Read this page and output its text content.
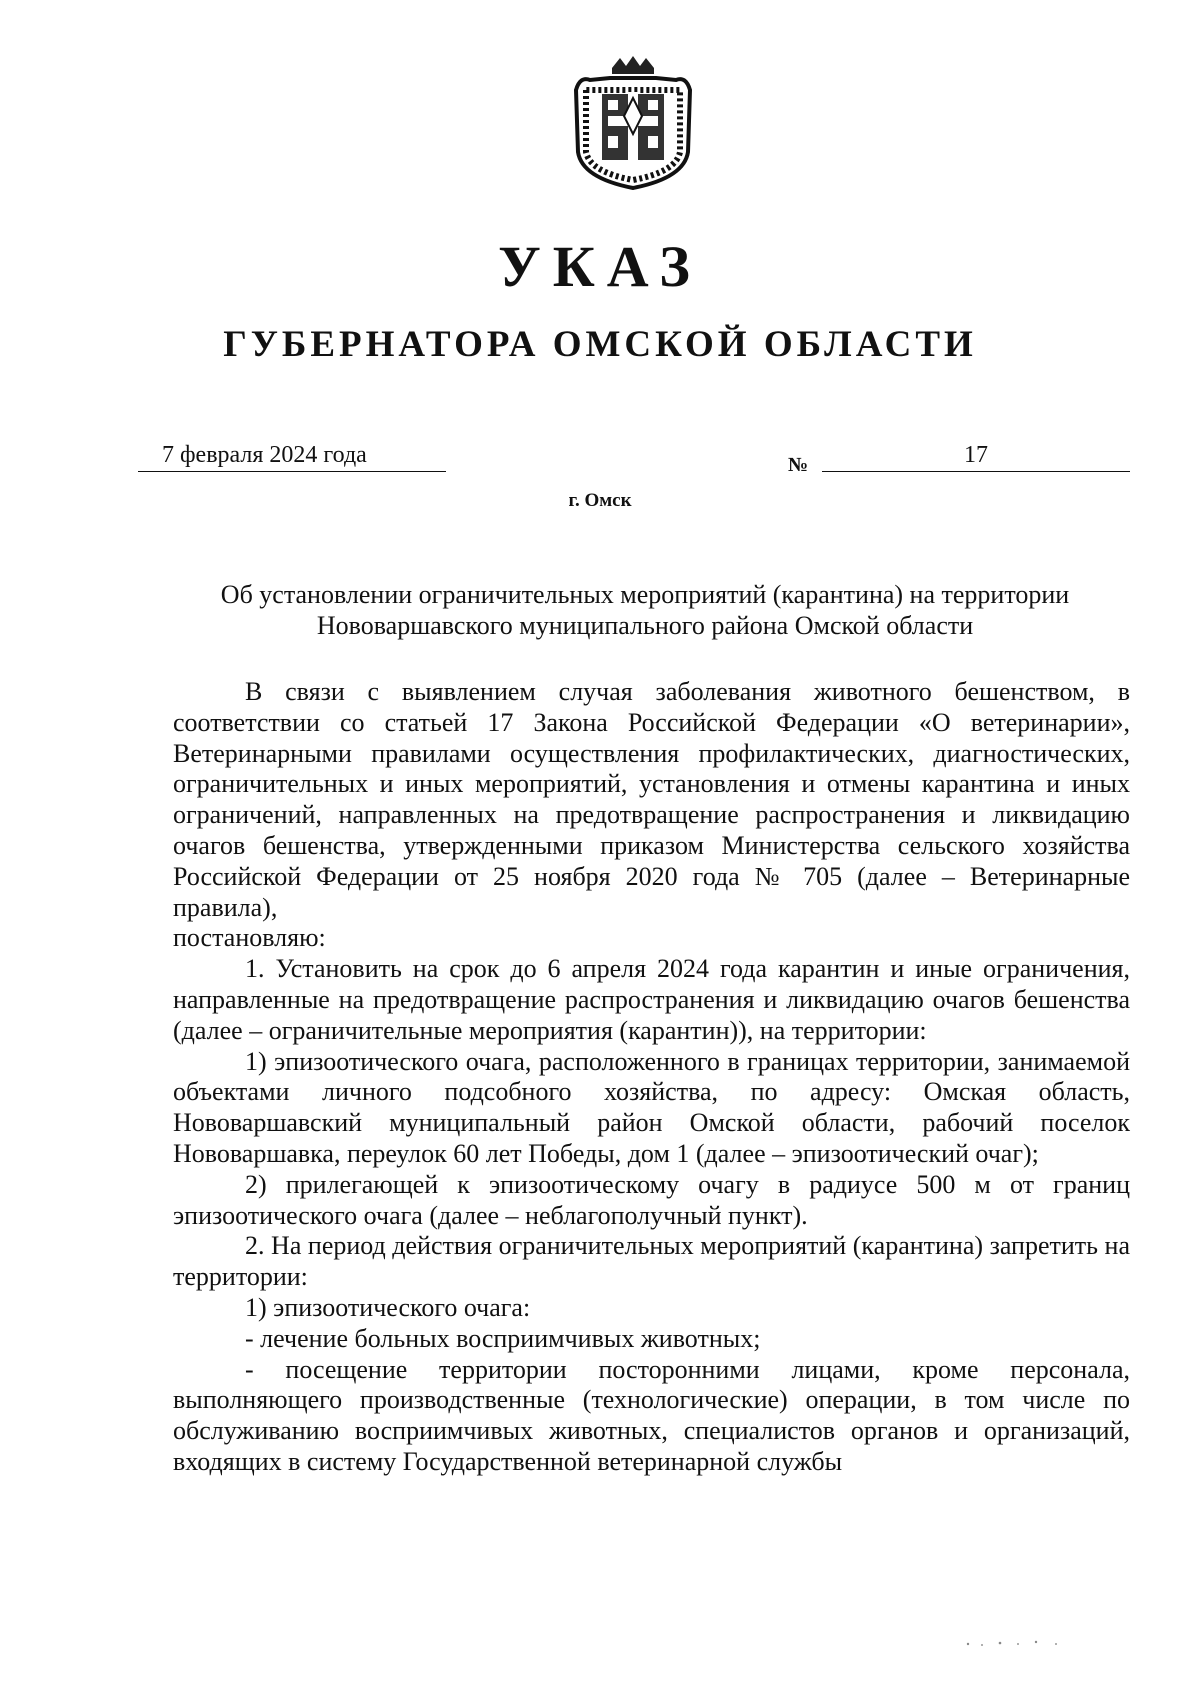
УКАЗ
ГУБЕРНАТОРА ОМСКОЙ ОБЛАСТИ
7 февраля 2024 года	№	17
г. Омск

Об установлении ограничительных мероприятий (карантина) на территории

Нововаршавского муниципального района Омской области

В связи с выявлением случая заболевания животного бешенством, в соответствии со статьей 17 Закона Российской Федерации «О ветеринарии», Ветеринарными правилами осуществления профилактических, диагностических, ограничительных и иных мероприятий, установления и отмены карантина и иных ограничений, направленных на предотвращение распространения и ликвидацию очагов бешенства, утвержденными приказом Министерства сельского хозяйства Российской Федерации от 25 ноября 2020 года № 705 (далее – Ветеринарные правила),

постановляю:

1. Установить на срок до 6 апреля 2024 года карантин и иные ограничения, направленные на предотвращение распространения и ликвидацию очагов бешенства (далее – ограничительные мероприятия (карантин)), на территории:

1) эпизоотического очага, расположенного в границах территории, занимаемой объектами личного подсобного хозяйства, по адресу: Омская область, Нововаршавский муниципальный район Омской области, рабочий поселок Нововаршавка, переулок 60 лет Победы, дом 1 (далее – эпизоотический очаг);

2) прилегающей к эпизоотическому очагу в радиусе 500 м от границ эпизоотического очага (далее – неблагополучный пункт).

2. На период действия ограничительных мероприятий (карантина) запретить на территории:

1) эпизоотического очага:

- лечение больных восприимчивых животных;

- посещение территории посторонними лицами, кроме персонала, выполняющего производственные (технологические) операции, в том числе по обслуживанию восприимчивых животных, специалистов органов и организаций, входящих в систему Государственной ветеринарной службы
